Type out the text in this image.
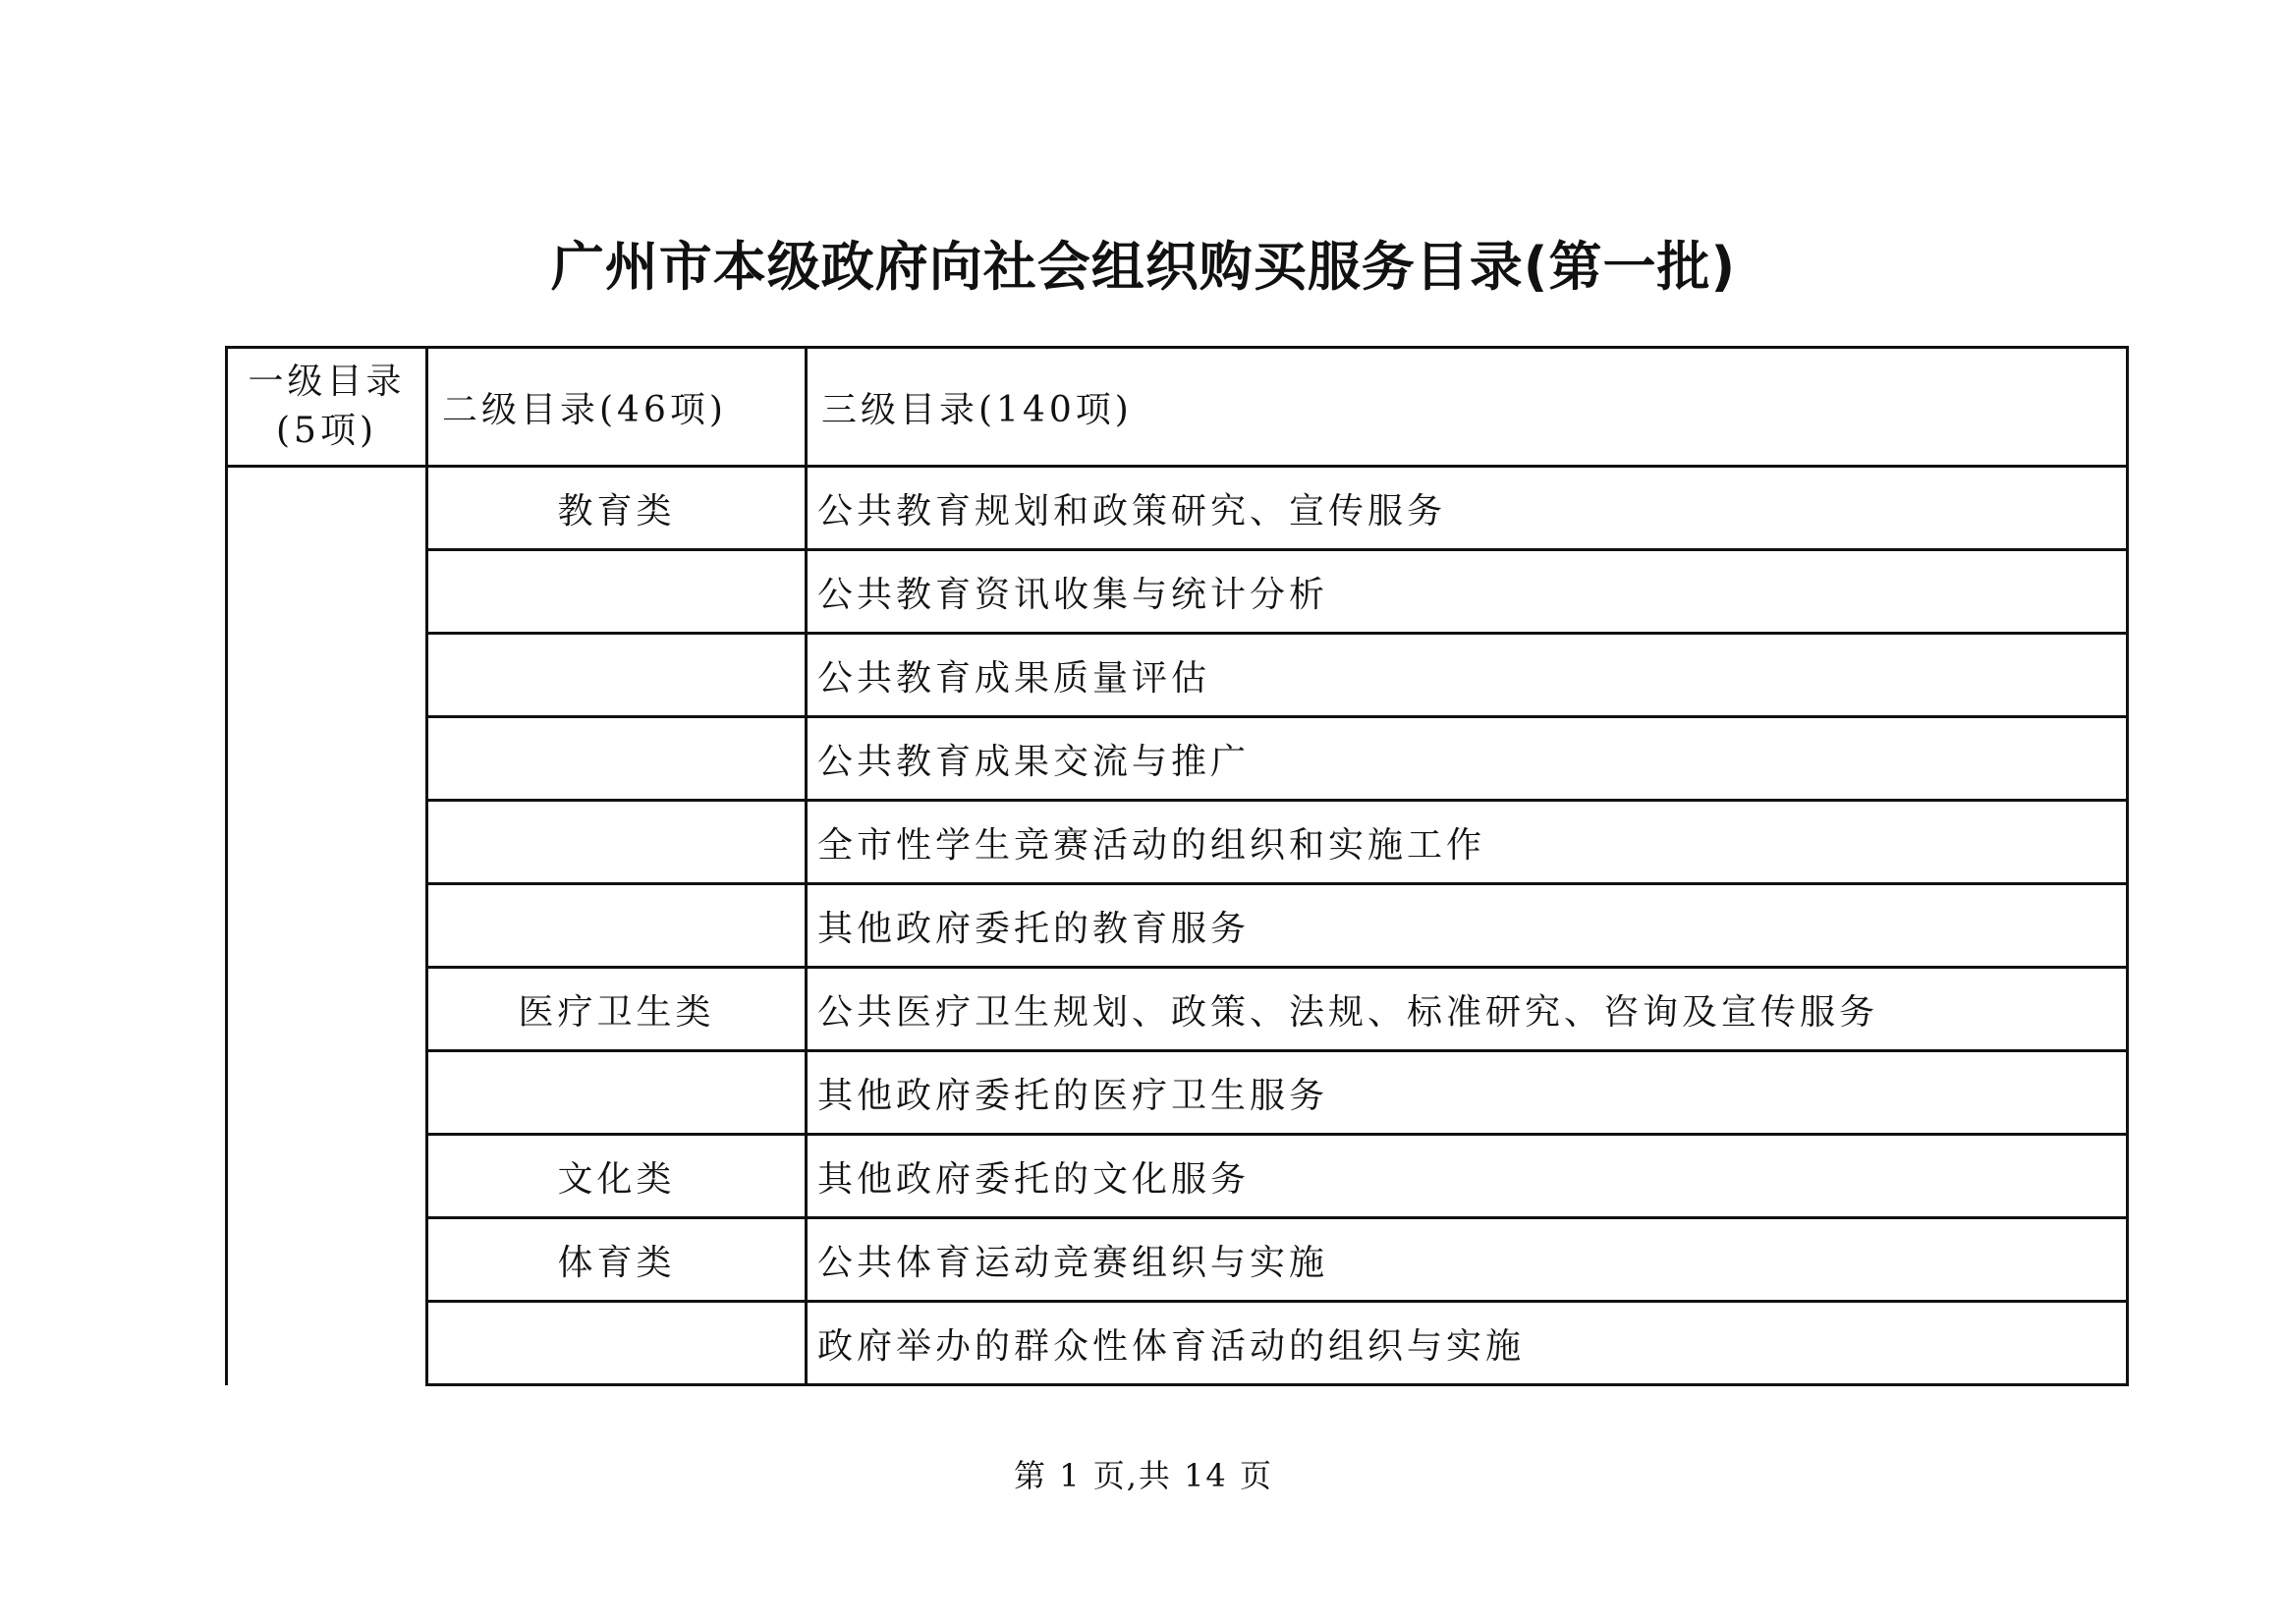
广州市本级政府向社会组织购买服务目录(第一批)
一级目录
(5项)	二级目录(46项)	三级目录(140项)
	教育类	公共教育规划和政策研究、宣传服务
		公共教育资讯收集与统计分析
		公共教育成果质量评估
		公共教育成果交流与推广
		全市性学生竞赛活动的组织和实施工作
		其他政府委托的教育服务
	医疗卫生类	公共医疗卫生规划、政策、法规、标准研究、咨询及宣传服务
		其他政府委托的医疗卫生服务
	文化类	其他政府委托的文化服务
	体育类	公共体育运动竞赛组织与实施
		政府举办的群众性体育活动的组织与实施
第 1 页,共 14 页
